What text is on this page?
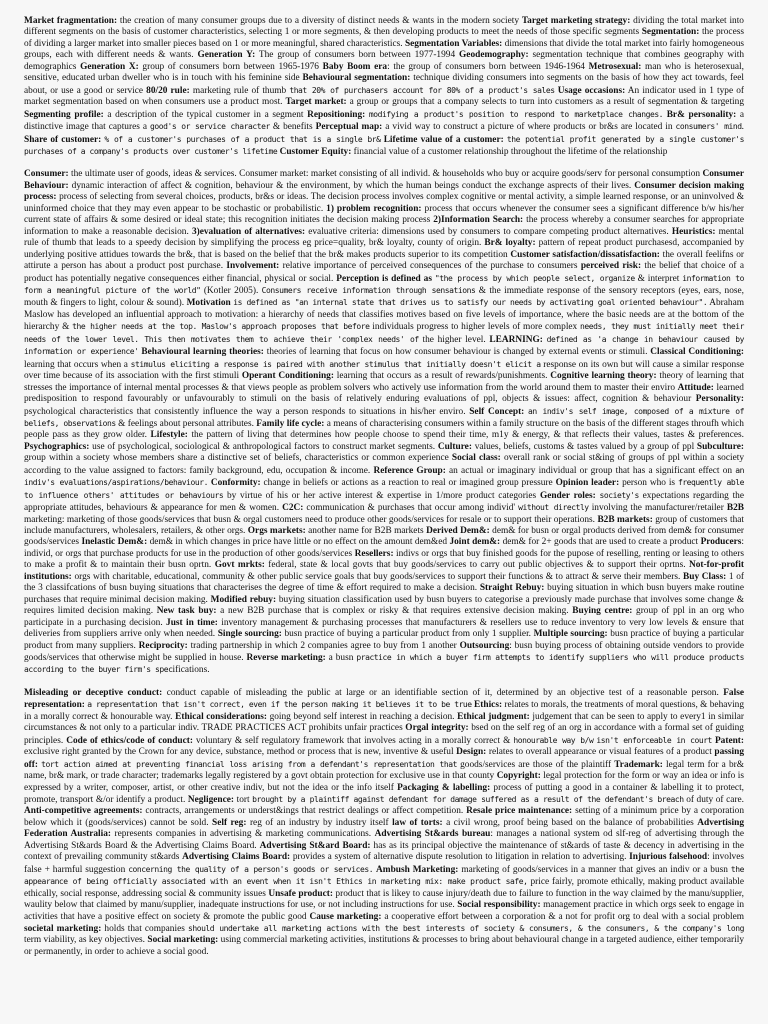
Market fragmentation: the creation of many consumer groups due to a diversity of distinct needs & wants in the modern society Target marketing strategy: dividing the total market into different segments on the basis of customer characteristics, selecting 1 or more segments, & then developing products to meet the needs of those specific segments Segmentation: the process of dividing a larger market into smaller pieces based on 1 or more meaningful, shared characteristics. Segmentation Variables: dimensions that divide the total market into fairly homogeneous groups, each with different needs & wants. Generation Y: The group of consumers born between 1977-1994 Geodemography: segmentation technique that combines geography with demographics Generation X: group of consumers born between 1965-1976 Baby Boom era: the group of consumers born between 1946-1964 Metrosexual: man who is heterosexual, sensitive, educated urban dweller who is in touch with his feminine side Behavioural segmentation: technique dividing consumers into segments on the basis of how they act towards, feel about, or use a good or service 80/20 rule: marketing rule of thumb that 20% of purchasers account for 80% of a product's sales Usage occasions: An indicator used in 1 type of market segmentation based on when consumers use a product most. Target market: a group or groups that a company selects to turn into customers as a result of segmentation & targeting Segmenting profile: a description of the typical customer in a segment Repositioning: modifying a product's position to respond to marketplace changes. Br& personality: a distinctive image that captures a good's or service character & benefits Perceptual map: a vivid way to construct a picture of where products or br&s are located in consumers' mind. Share of customer: % of a customer's purchases of a product that is a single br& Lifetime value of a customer: the potential profit generated by a single customer's purchases of a company's products over customer's lifetime Customer Equity: financial value of a customer relationship throughout the lifetime of the relationship

Consumer: the ultimate user of goods, ideas & services. Consumer market: market consisting of all individ. & households who buy or acquire goods/serv for personal consumption Consumer Behaviour: dynamic interaction of affect & cognition, behaviour & the environment, by which the human beings conduct the exchange asprects of their lives. Consumer decision making process: process of selecting from several choices, products, br&s or ideas. The decision process involves complex cognitive or mental activity, a simple learned response, or an uninvolved & uninformed choice that they may even appear to be stochastic or probabilistic. 1) problem recognition: process that occurs whenever the consumer sees a significant difference b/w his/her current state of affairs & some desired or ideal state; this recognition initiates the decision making process 2)Information Search: the process whereby a consumer searches for appropriate information to make a reasonable decision. 3)evaluation of alternatives: evaluative criteria: dimensions used by consumers to compare competing product alternatives. Heuristics: mental rule of thumb that leads to a speedy decision by simplifying the process eg price=quality, br& loyalty, county of origin. Br& loyalty: pattern of repeat product purchasesd, accompanied by underlying positive attidues towards the br&, that is based on the belief that the br& makes products superior to its competition Customer satisfaction/dissatisfaction: the overall feelifns or attirute a person has about a product post purchase. Involvement: relative importance of perceived consequences of the purchase to consumers perceived risk: the belief that choice of a product has potentially negative consequences either financial, physical or social. Perception is defined as "the process by which people select, organize & interpret information to form a meaningful picture of the world" (Kotler 2005). Consumers receive information through sensations & the immediate response of the sensory receptors (eyes, ears, nose, mouth & fingers to light, colour & sound). Motivation is defined as "an internal state that drives us to satisfy our needs by activating goal oriented behaviour". Abraham Maslow has developed an influential approach to motivation: a hierarchy of needs that classifies motives based on five levels of importance, where the basic needs are at the bottom of the hierarchy & the higher needs at the top. Maslow's approach proposes that before individuals progress to higher levels of more complex needs, they must initially meet their needs of the lower level. This then motivates them to achieve their 'complex needs' of the higher level. LEARNING: defined as 'a change in behaviour caused by information or experience' Behavioural learning theories: theories of learning that focus on how consumer behaviour is changed by external events or stimuli. Classical Conditioning: learning that occurs when a stimulus eliciting a response is paired with another stimulus that initially doesn't elicit a response on its own but will cause a similar response over time because of its association with the first stimuli Operant Conditioning: learning that occurs as a result of rewards/punishments. Cognitive learning theory: theory of learning that stresses the importance of internal mental processes & that views people as problem solvers who actively use information from the world around them to master their enviro Attitude: learned predisposition to respond favourably or unfavourably to stimuli on the basis of relatively enduring evaluations of ppl, objects & issues: affect, cognition & behaviour Personality: psychological characteristics that consistently influence the way a person responds to situations in his/her enviro. Self Concept: an indiv's self image, composed of a mixture of beliefs, observations & feelings about personal attributes. Family life cycle: a means of characterising consumers within a family structure on the basis of the different stages throufh which people pass as they grow older. Lifestyle: the pattern of living that determines how people choose to spend their time, m1y & energy, & that reflects their values, tastes & preferences. Psychographics: use of psychological, sociological & anthropological factors to construct market segments. Culture: values, beliefs, customs & tastes valued by a group of ppl Subculture: group within a society whose members share a distinctive set of beliefs, characteristics or common experience Social class: overall rank or social st&ing of groups of ppl within a society according to the value assigned to factors: family background, edu, occupation & income. Reference Group: an actual or imaginary individual or group that has a significant effect on an indiv's evaluations/aspirations/behaviour. Conformity: change in beliefs or actions as a reaction to real or imagined group pressure Opinion leader: person who is frequently able to influence others' attitudes or behaviours by virtue of his or her active interest & expertise in 1/more product categories Gender roles: society's expectations regarding the appropriate attitudes, behaviours & appearance for men & women. C2C: communication & purchases that occur among individ' without directly involving the manufacturer/retailer B2B marketing: marketing of those goods/services that busn & orgal customers need to produce other goods/services for resale or to support their operations. B2B markets: group of customers that include manufacturers, wholesalers, retailers, & other orgs. Orgs markets: another name for B2B markets Derived Dem&: dem& for busn or orgal products derived from dem& for consumer goods/services Inelastic Dem&: dem& in which changes in price have little or no effect on the amount dem&ed Joint dem&: dem& for 2+ goods that are used to create a product Producers: individ, or orgs that purchase products for use in the production of other goods/services Resellers: indivs or orgs that buy finished goods for the pupose of reselling, renting or leasing to others to make a profit & to maintain their busn oprtn. Govt mrkts: federal, state & local govts that buy goods/services to carry out public objectives & to support their oprtns. Not-for-profit institutions: orgs with charitable, educational, community & other public service goals that buy goods/services to support their functions & to attract & serve their members. Buy Class: 1 of the 3 classifcations of busn buying situations that characterises the degree of time & effort required to make a decision. Straight Rebuy: buying situation in which busn buyers make routine purchases that require minimal decision making. Modified rebuy: buying situation classification used by busn buyers to categorise a previously made purchase that involves some change & requires limited decision making. New task buy: a new B2B purchase that is complex or risky & that requires extensive decision making. Buying centre: group of ppl in an org who participate in a purchasing decision. Just in time: inventory management & purchasing processes that manufacturers & resellers use to reduce inventory to very low levels & ensure that deliveries from suppliers arrive only when needed. Single sourcing: busn practice of buying a particular product from only 1 supplier. Multiple sourcing: busn practice of buying a particular product from many suppliers. Reciprocity: trading partnership in which 2 companies agree to buy from 1 another Outsourcing: busn buying process of obtaining outside vendors to provide goods/services that otherwise might be supplied in house. Reverse marketing: a busn practice in which a buyer firm attempts to identify suppliers who will produce products according to the buyer firm's specifications.

Misleading or deceptive conduct: conduct capable of misleading the public at large or an identifiable section of it, determined by an objective test of a reasonable person. False representation: a representation that isn't correct, even if the person making it believes it to be true Ethics: relates to morals, the treatments of moral questions, & behaving in a morally correct & honourable way. Ethical considerations: going beyond self interest in reaching a decision. Ethical judgment: judgement that can be seen to apply to every1 in similar circumstances & not only to a particular indiv. TRADE PRACTICES ACT prohibits unfair practices Orgal integrity: bsed on the self reg of an org in accordance with a formal set of guiding principles. Code of ethics/code of conduct: voluntary & self regulatory framework that involves acting in a morally correct & honourable way b/w isn't enforceable in court Patent: exclusive right granted by the Crown for any device, substance, method or process that is new, inventive & useful Design: relates to overall appearance or visual features of a product passing off: tort action aimed at preventing financial loss arising from a defendant's representation that goods/services are those of the plaintiff Trademark: legal term for a br& name, br& mark, or trade character; trademarks legally registered by a govt obtain protection for exclusive use in that county Copyright: legal protection for the form or way an idea or info is expressed by a writer, composer, artist, or other creative indiv, but not the idea or the info itself Packaging & labelling: process of putting a good in a container & labelling it to protect, promote, transport &/or identify a product. Negligence: tort brought by a plaintiff against defendant for damage suffered as a result of the defendant's breach of duty of care. Anti-competitive agreements: contracts, arrangements or underst&ings that restrict dealings or affect competition. Resale price maintenance: setting of a minimum price by a corporation below which it (goods/services) cannot be sold. Self reg: reg of an industry by industry itself law of torts: a civil wrong, proof being based on the balance of probabilities Advertising Federation Australia: represents companies in advertising & marketing communications. Advertising St&ards bureau: manages a national system od slf-reg of advertising through the Advertising St&ards Board & the Advertising Claims Board. Advertising St&ard Board: has as its principal objective the maintenance of st&ards of taste & decency in advertising in the context of prevailing community st&ards Advertising Claims Board: provides a system of alternative dispute resolution to litigation in relation to advertising. Injurious falsehood: involves false + harmful suggestion concerning the quality of a person's goods or services. Ambush Marketing: marketing of goods/services in a manner that gives an indiv or a busn the appearance of being officially associated with an event when it isn't Ethics in marketing mix: make product safe, price fairly, promote ethically, making product available ethically, social response, addressing social & community issues Unsafe product: product that is likey to cause injury/death due to failure to function in the way claimed by the manu/supplier, waulity below that claimed by manu/supplier, inadequate instructions for use, or not including instructions for use. Social responsibility: management practice in which orgs seek to engage in activities that have a positive effect on society & promote the public good Cause marketing: a cooperative effort between a corporation & a not for profit org to deal with a social problem societal marketing: holds that companies should undertake all marketing actions with the best interests of society & consumers, & the consumers, & the company's long term viability, as key objectives. Social marketing: using commercial marketing activities, institutions & processes to bring about behavioural change in a targeted audience, either temporarily or permanently, in order to achieve a social good.
